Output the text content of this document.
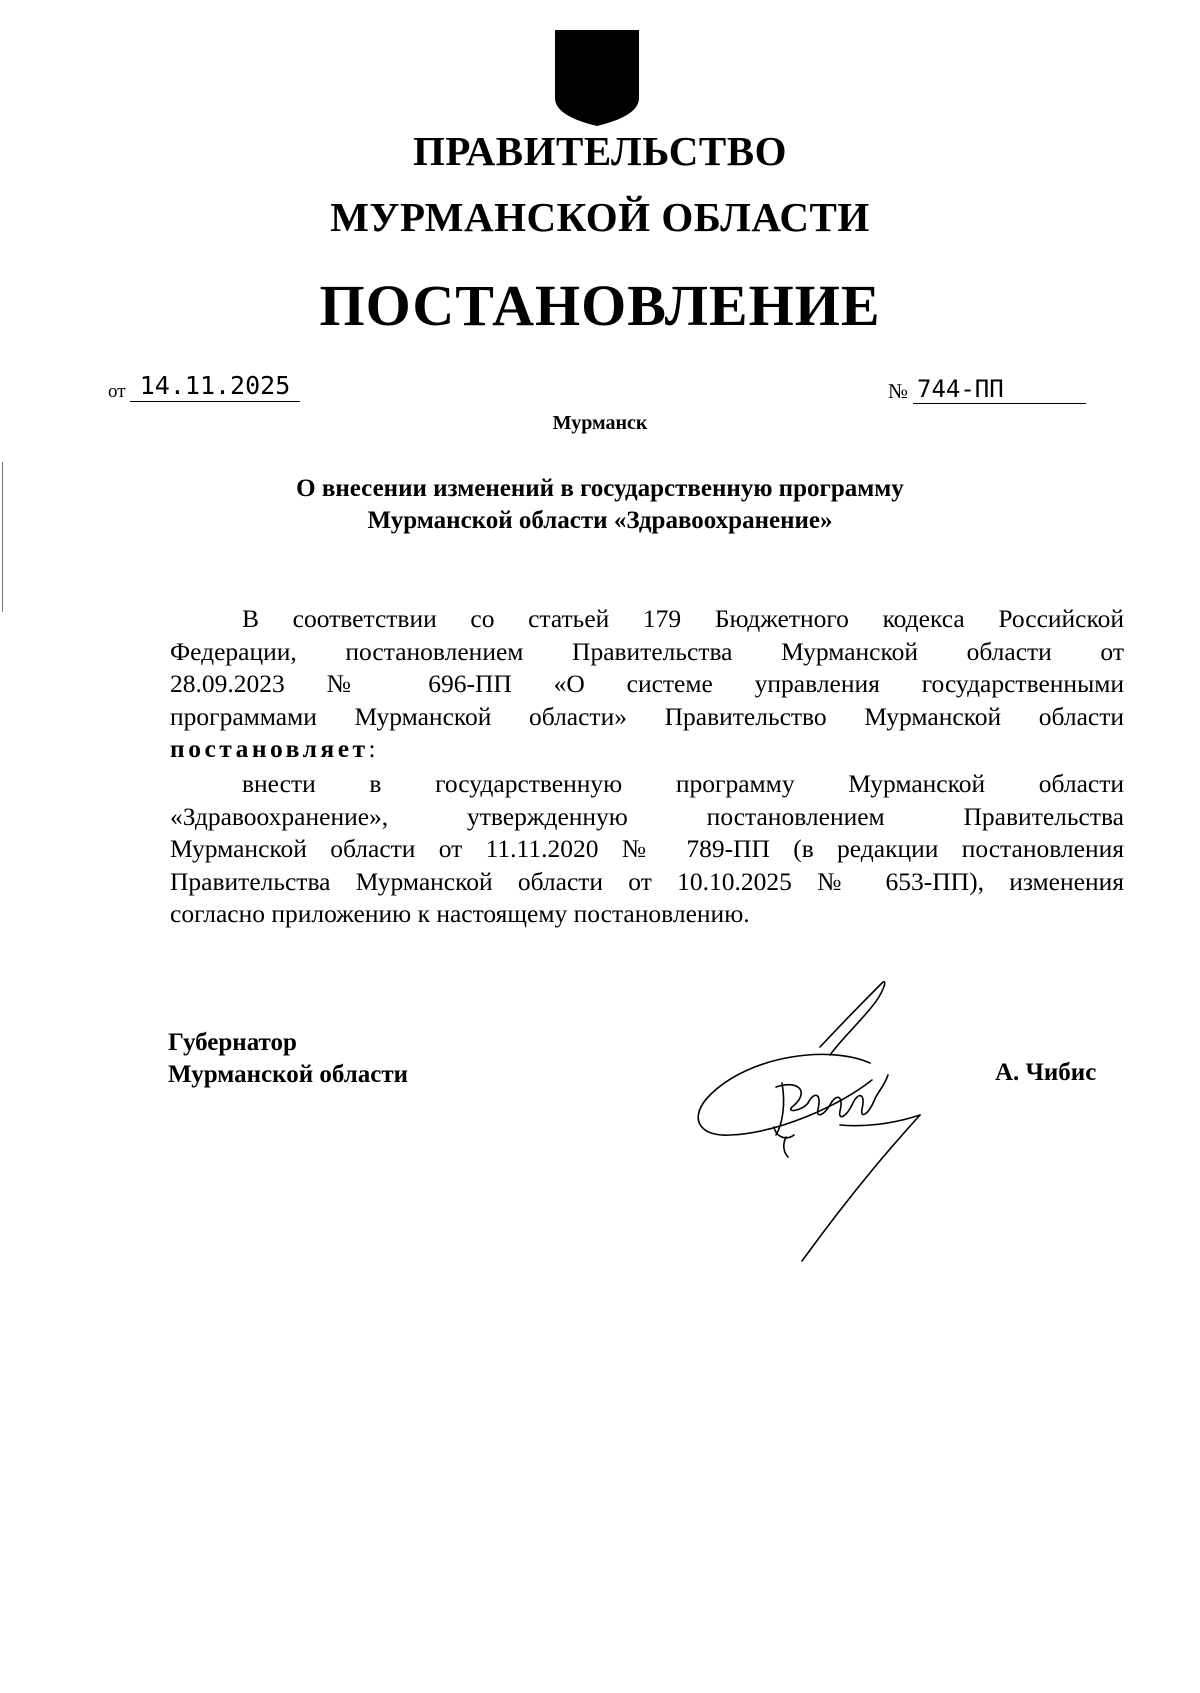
ПРАВИТЕЛЬСТВО
МУРМАНСКОЙ ОБЛАСТИ
ПОСТАНОВЛЕНИЕ
от 14.11.2025	№ 744-ПП
Мурманск
О внесении изменений в государственную программу
Мурманской области «Здравоохранение»
В соответствии со статьей 179 Бюджетного кодекса Российской
Федерации, постановлением Правительства Мурманской области от
28.09.2023 № 696-ПП «О системе управления государственными
программами Мурманской области» Правительство Мурманской области
постановляет:
внести в государственную программу Мурманской области
«Здравоохранение», утвержденную постановлением Правительства
Мурманской области от 11.11.2020 № 789-ПП (в редакции постановления
Правительства Мурманской области от 10.10.2025 № 653-ПП), изменения
согласно приложению к настоящему постановлению.
Губернатор
Мурманской области	А. Чибис
